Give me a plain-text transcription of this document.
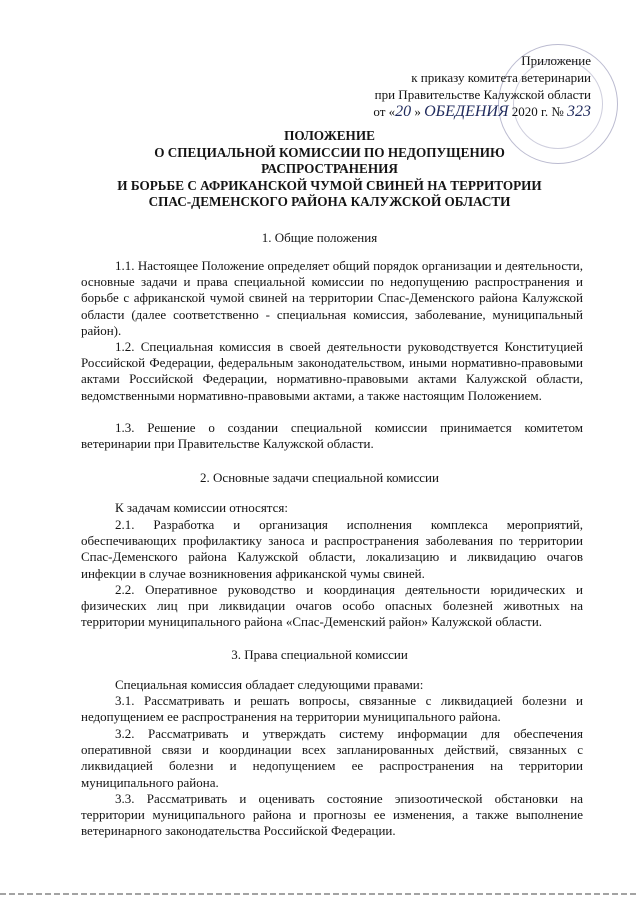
Приложение
к приказу комитета ветеринарии
при Правительстве Калужской области
от «20 » ОБЕДЕНИЯ 2020 г. № 323
ПОЛОЖЕНИЕ
О СПЕЦИАЛЬНОЙ КОМИССИИ ПО НЕДОПУЩЕНИЮ
РАСПРОСТРАНЕНИЯ
И БОРЬБЕ С АФРИКАНСКОЙ ЧУМОЙ СВИНЕЙ НА ТЕРРИТОРИИ
СПАС-ДЕМЕНСКОГО РАЙОНА КАЛУЖСКОЙ ОБЛАСТИ
1. Общие положения
1.1. Настоящее Положение определяет общий порядок организации и деятельности, основные задачи и права специальной комиссии по недопущению распространения и борьбе с африканской чумой свиней на территории Спас-Деменского района Калужской области (далее соответственно - специальная комиссия, заболевание, муниципальный район).
1.2. Специальная комиссия в своей деятельности руководствуется Конституцией Российской Федерации, федеральным законодательством, иными нормативно-правовыми актами Российской Федерации, нормативно-правовыми актами Калужской области, ведомственными нормативно-правовыми актами, а также настоящим Положением.
1.3. Решение о создании специальной комиссии принимается комитетом ветеринарии при Правительстве Калужской области.
2. Основные задачи специальной комиссии
К задачам комиссии относятся:
2.1. Разработка и организация исполнения комплекса мероприятий, обеспечивающих профилактику заноса и распространения заболевания по территории Спас-Деменского района Калужской области, локализацию и ликвидацию очагов инфекции в случае возникновения африканской чумы свиней.
2.2. Оперативное руководство и координация деятельности юридических и физических лиц при ликвидации очагов особо опасных болезней животных на территории муниципального района «Спас-Деменский район» Калужской области.
3. Права специальной комиссии
Специальная комиссия обладает следующими правами:
3.1. Рассматривать и решать вопросы, связанные с ликвидацией болезни и недопущением ее распространения на территории муниципального района.
3.2. Рассматривать и утверждать систему информации для обеспечения оперативной связи и координации всех запланированных действий, связанных с ликвидацией болезни и недопущением ее распространения на территории муниципального района.
3.3. Рассматривать и оценивать состояние эпизоотической обстановки на территории муниципального района и прогнозы ее изменения, а также выполнение ветеринарного законодательства Российской Федерации.
